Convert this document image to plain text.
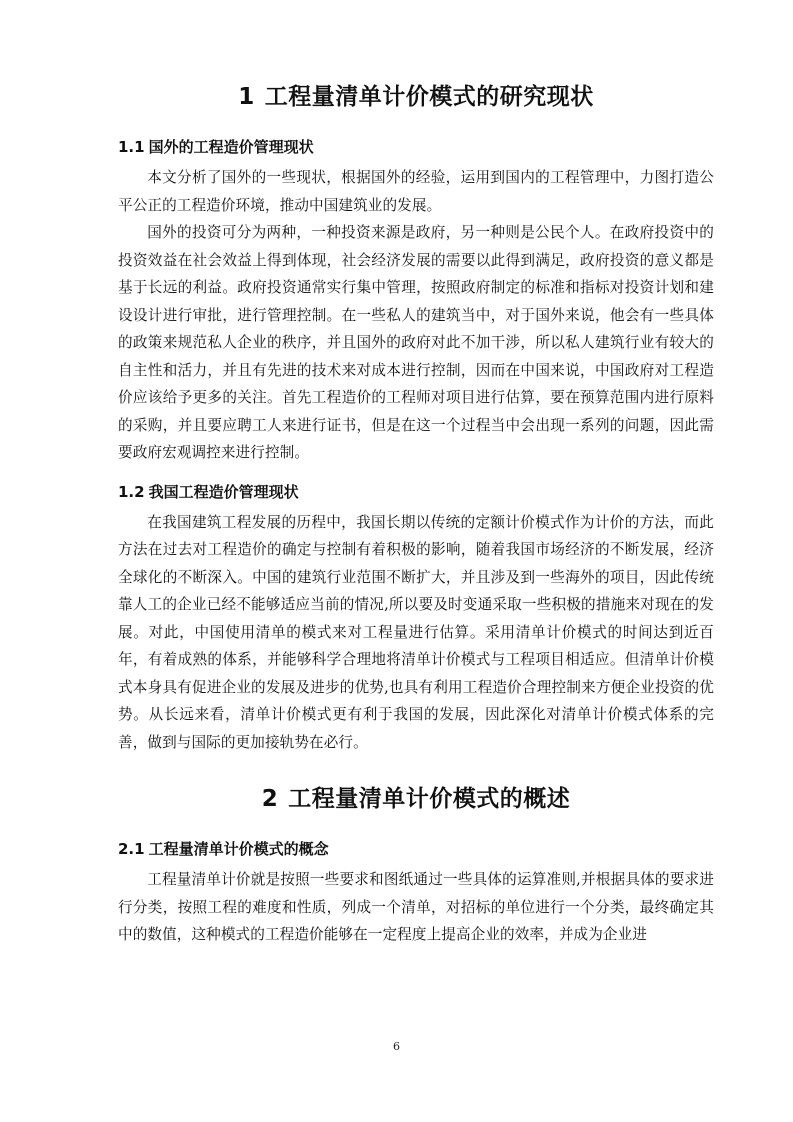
1 工程量清单计价模式的研究现状
1.1 国外的工程造价管理现状

本文分析了国外的一些现状，根据国外的经验，运用到国内的工程管理中，力图打造公平公正的工程造价环境，推动中国建筑业的发展。

国外的投资可分为两种，一种投资来源是政府，另一种则是公民个人。在政府投资中的投资效益在社会效益上得到体现，社会经济发展的需要以此得到满足，政府投资的意义都是基于长远的利益。政府投资通常实行集中管理，按照政府制定的标准和指标对投资计划和建设设计进行审批，进行管理控制。在一些私人的建筑当中，对于国外来说，他会有一些具体的政策来规范私人企业的秩序，并且国外的政府对此不加干涉，所以私人建筑行业有较大的自主性和活力，并且有先进的技术来对成本进行控制，因而在中国来说，中国政府对工程造价应该给予更多的关注。首先工程造价的工程师对项目进行估算，要在预算范围内进行原料的采购，并且要应聘工人来进行证书，但是在这一个过程当中会出现一系列的问题，因此需要政府宏观调控来进行控制。

1.2 我国工程造价管理现状

在我国建筑工程发展的历程中，我国长期以传统的定额计价模式作为计价的方法，而此方法在过去对工程造价的确定与控制有着积极的影响，随着我国市场经济的不断发展，经济全球化的不断深入。中国的建筑行业范围不断扩大，并且涉及到一些海外的项目，因此传统靠人工的企业已经不能够适应当前的情况,所以要及时变通采取一些积极的措施来对现在的发展。对此，中国使用清单的模式来对工程量进行估算。采用清单计价模式的时间达到近百年，有着成熟的体系，并能够科学合理地将清单计价模式与工程项目相适应。但清单计价模式本身具有促进企业的发展及进步的优势,也具有利用工程造价合理控制来方便企业投资的优势。从长远来看，清单计价模式更有利于我国的发展，因此深化对清单计价模式体系的完善，做到与国际的更加接轨势在必行。

2 工程量清单计价模式的概述
2.1 工程量清单计价模式的概念

工程量清单计价就是按照一些要求和图纸通过一些具体的运算准则,并根据具体的要求进行分类，按照工程的难度和性质，列成一个清单，对招标的单位进行一个分类，最终确定其中的数值，这种模式的工程造价能够在一定程度上提高企业的效率，并成为企业进

6
